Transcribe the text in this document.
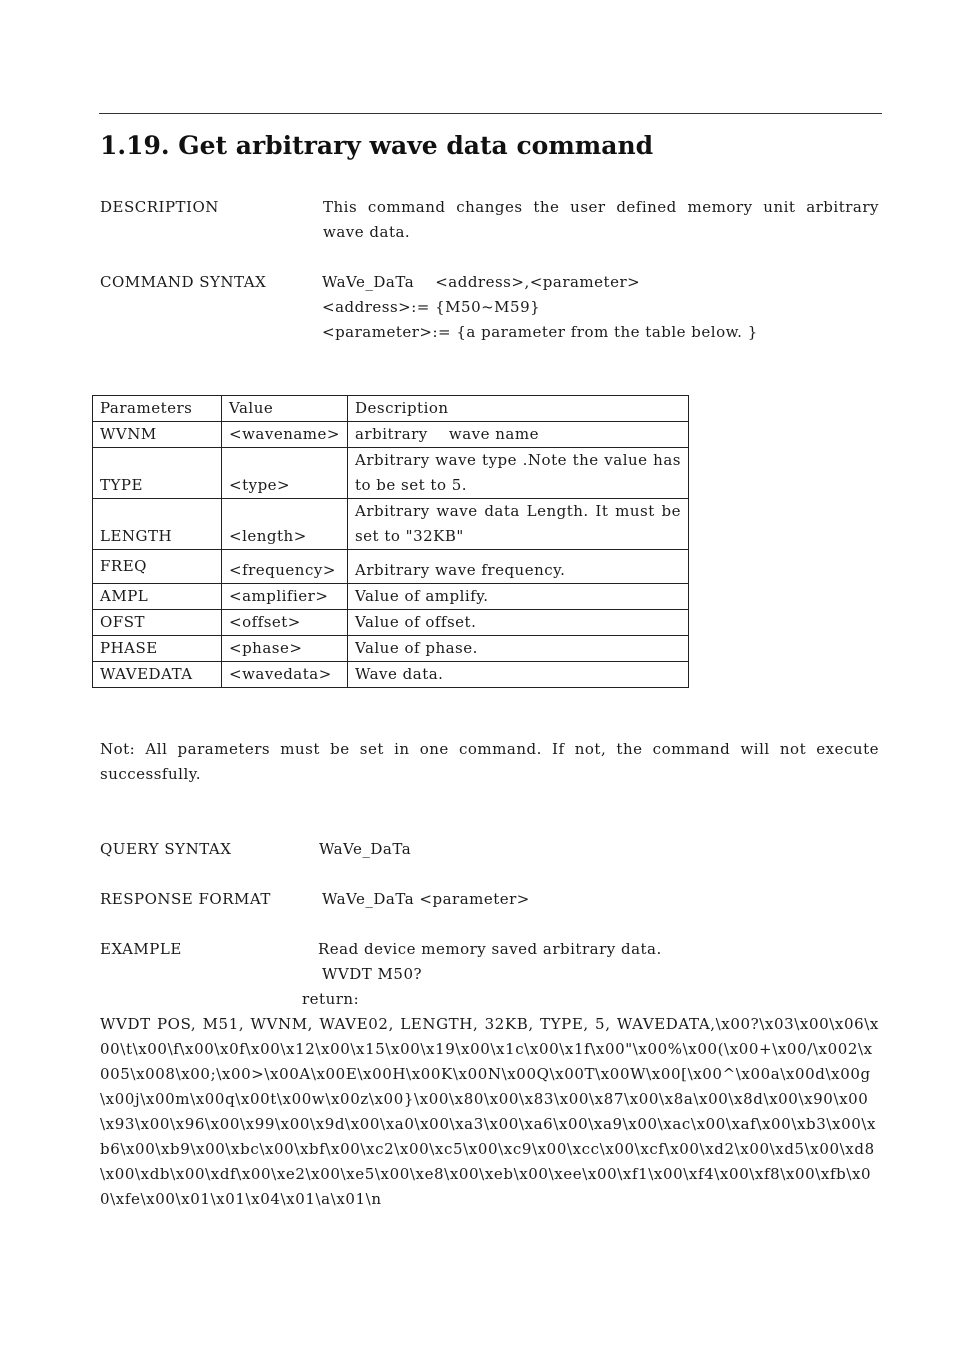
1.19. Get arbitrary wave data command
DESCRIPTION	This command changes the user defined memory unit arbitrary wave data.
COMMAND SYNTAX	WaVe_DaTa    <address>,<parameter>
<address>:= {M50~M59}
<parameter>:= {a parameter from the table below. }
Parameters	Value	Description
WVNM	<wavename>	arbitrary    wave name
TYPE	<type>	Arbitrary wave type .Note the value has to be set to 5.
LENGTH	<length>	Arbitrary wave data Length. It must be set to "32KB"
FREQ	<frequency>	Arbitrary wave frequency.
AMPL	<amplifier>	Value of amplify.
OFST	<offset>	Value of offset.
PHASE	<phase>	Value of phase.
WAVEDATA	<wavedata>	Wave data.
Not: All parameters must be set in one command. If not, the command will not execute successfully.
QUERY SYNTAX	WaVe_DaTa
RESPONSE FORMAT	WaVe_DaTa <parameter>
EXAMPLE	Read device memory saved arbitrary data.
WVDT M50?
return:
WVDT POS, M51, WVNM, WAVE02, LENGTH, 32KB, TYPE, 5, WAVEDATA,\x00?\x03\x00\x06\x00\t\x00\f\x00\x0f\x00\x12\x00\x15\x00\x19\x00\x1c\x00\x1f\x00"\x00%\x00(\x00+\x00/\x002\x005\x008\x00;\x00>\x00A\x00E\x00H\x00K\x00N\x00Q\x00T\x00W\x00[\x00^\x00a\x00d\x00g\x00j\x00m\x00q\x00t\x00w\x00z\x00}\x00\x80\x00\x83\x00\x87\x00\x8a\x00\x8d\x00\x90\x00\x93\x00\x96\x00\x99\x00\x9d\x00\xa0\x00\xa3\x00\xa6\x00\xa9\x00\xac\x00\xaf\x00\xb3\x00\xb6\x00\xb9\x00\xbc\x00\xbf\x00\xc2\x00\xc5\x00\xc9\x00\xcc\x00\xcf\x00\xd2\x00\xd5\x00\xd8\x00\xdb\x00\xdf\x00\xe2\x00\xe5\x00\xe8\x00\xeb\x00\xee\x00\xf1\x00\xf4\x00\xf8\x00\xfb\x00\xfe\x00\x01\x01\x04\x01\a\x01\n
